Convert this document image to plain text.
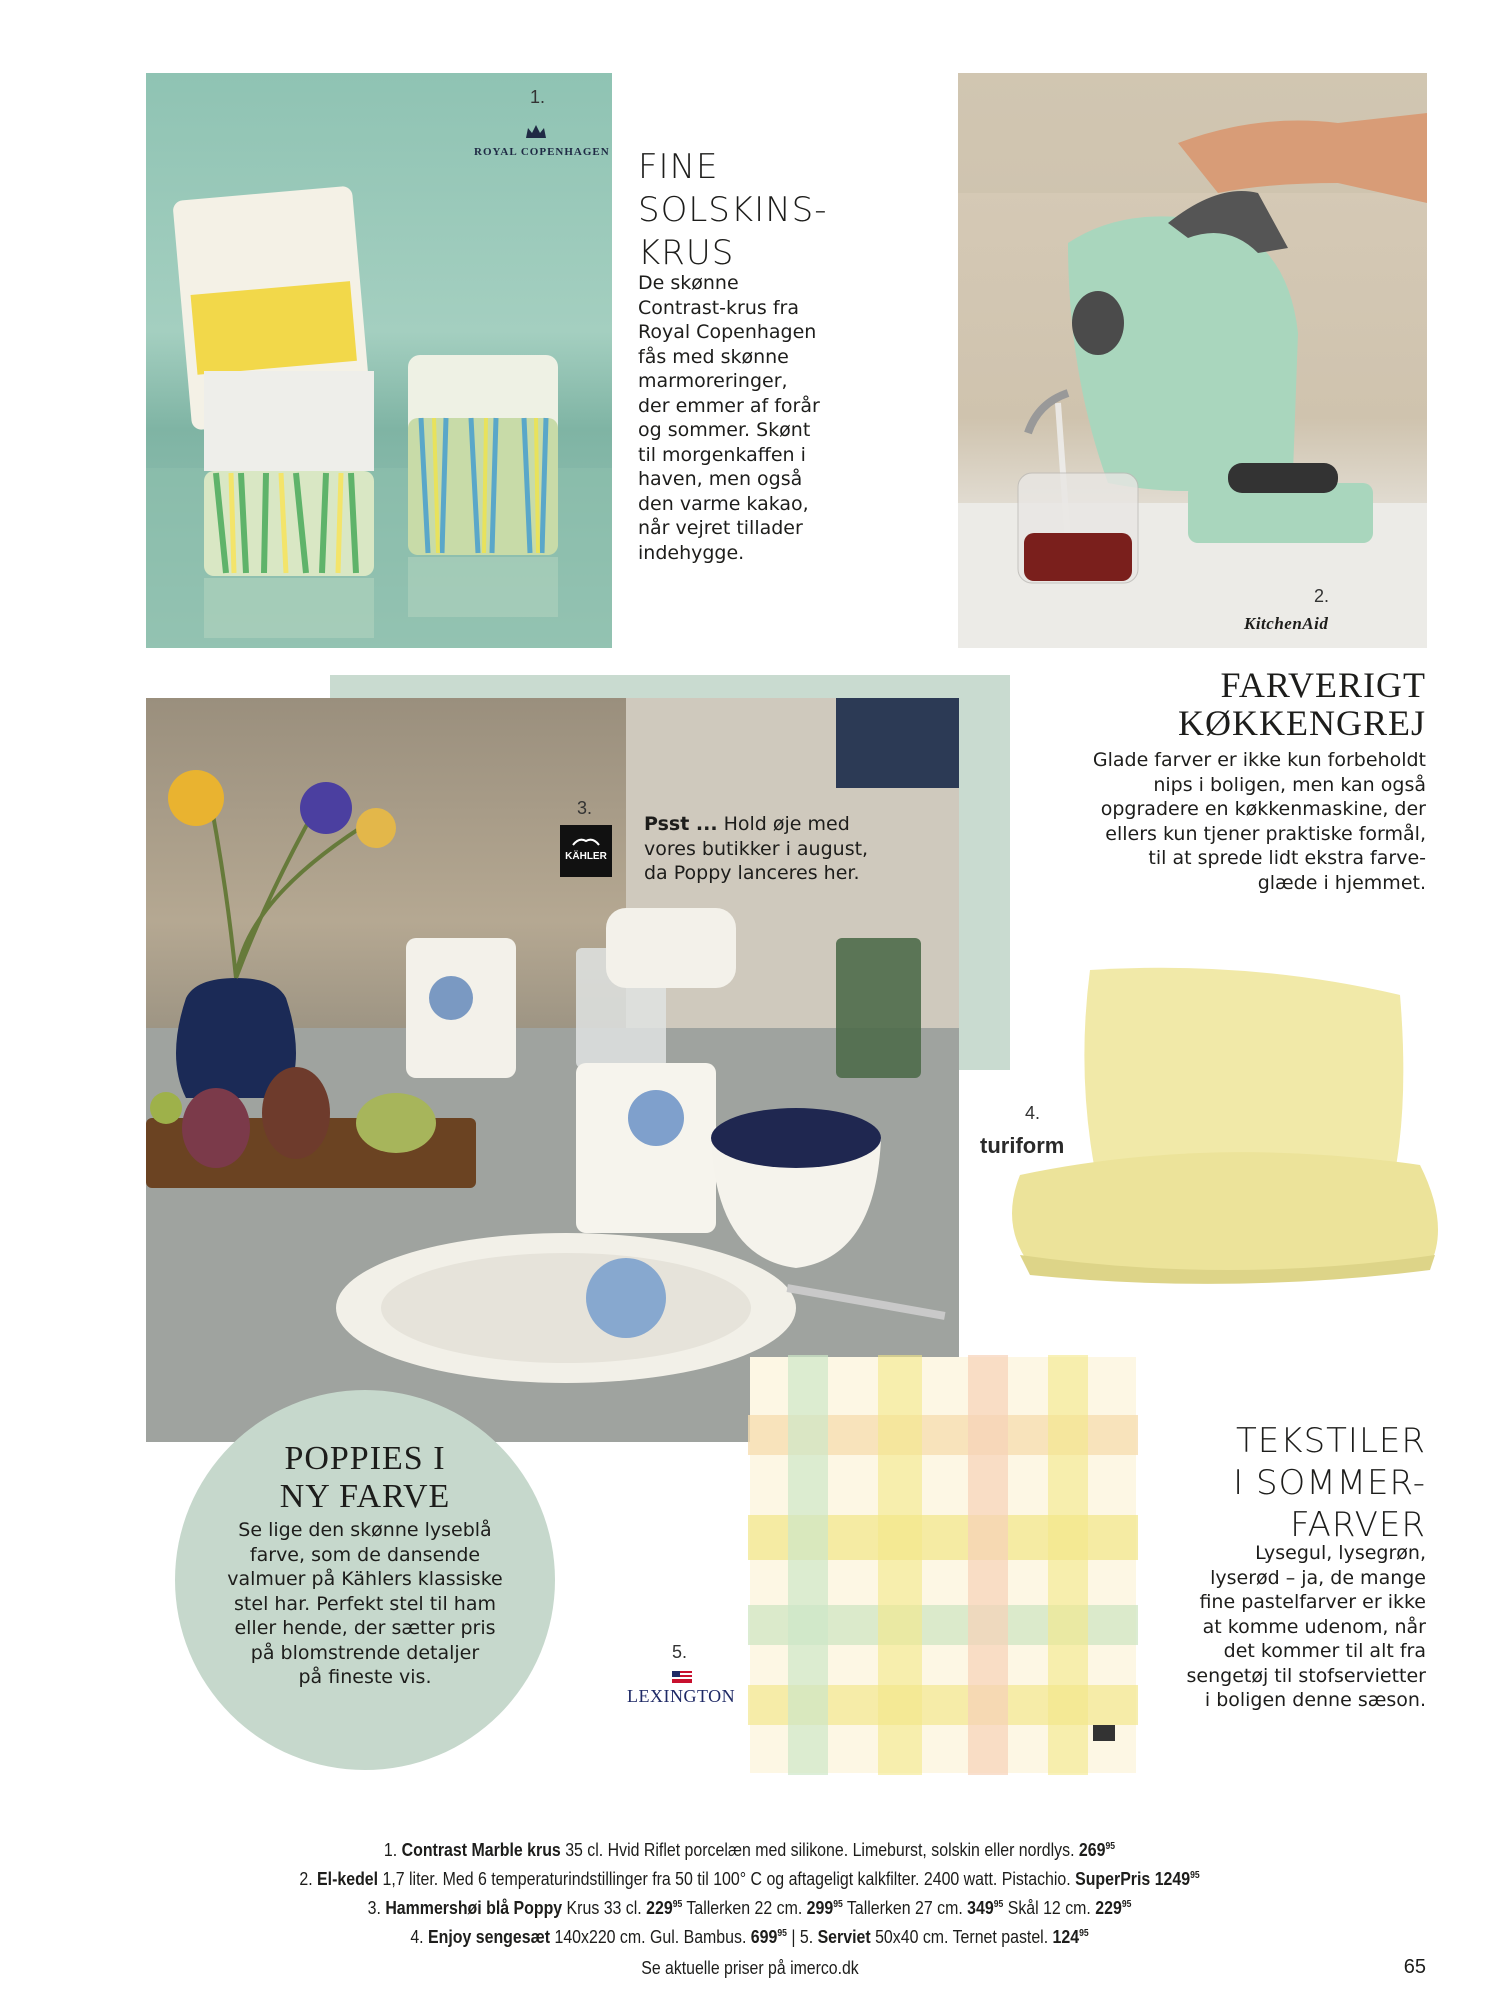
1.
ROYAL COPENHAGEN FINE
SOLSKINS-
KRUS
De skønne
Contrast-krus fra
Royal Copenhagen
fås med skønne
marmoreringer,
der emmer af forår
og sommer. Skønt
til morgenkaffen i
haven, men også
den varme kakao,
når vejret tillader
indehygge.
2.
KitchenAid
FARVERIGT
KØKKENGREJ
Glade farver er ikke kun forbeholdt
nips i boligen, men kan også
opgradere en køkkenmaskine, der
ellers kun tjener praktiske formål,
til at sprede lidt ekstra farve-
glæde i hjemmet.
3.
KÄHLER
Psst ... Hold øje med
vores butikker i august,
da Poppy lanceres her.
4.
turiform
POPPIES I
NY FARVE
Se lige den skønne lyseblå
farve, som de dansende
valmuer på Kählers klassiske
stel har. Perfekt stel til ham
eller hende, der sætter pris
på blomstrende detaljer
på fineste vis.
5.
LEXINGTON
TEKSTILER
I SOMMER-
FARVER
Lysegul, lysegrøn,
lyserød – ja, de mange
fine pastelfarver er ikke
at komme udenom, når
det kommer til alt fra
sengetøj til stofservietter
i boligen denne sæson.
1. Contrast Marble krus 35 cl. Hvid Riflet porcelæn med silikone. Limeburst, solskin eller nordlys. $269^{95}$
2. El-kedel 1,7 liter. Med 6 temperaturindstillinger fra 50 til 100° C og aftageligt kalkfilter. 2400 watt. Pistachio. SuperPris 1249$^{95}$
3. Hammershøi blå Poppy Krus 33 cl. $229^{95}$ Tallerken 22 cm. $299^{95}$ Tallerken 27 cm. $349^{95}$ Skål 12 cm. $229^{95}$
4. Enjoy sengesæt 140x220 cm. Gul. Bambus. $699^{95}$ | 5. Serviet 50x40 cm. Ternet pastel. $124^{95}$
Se aktuelle priser på imerco.dk	65
